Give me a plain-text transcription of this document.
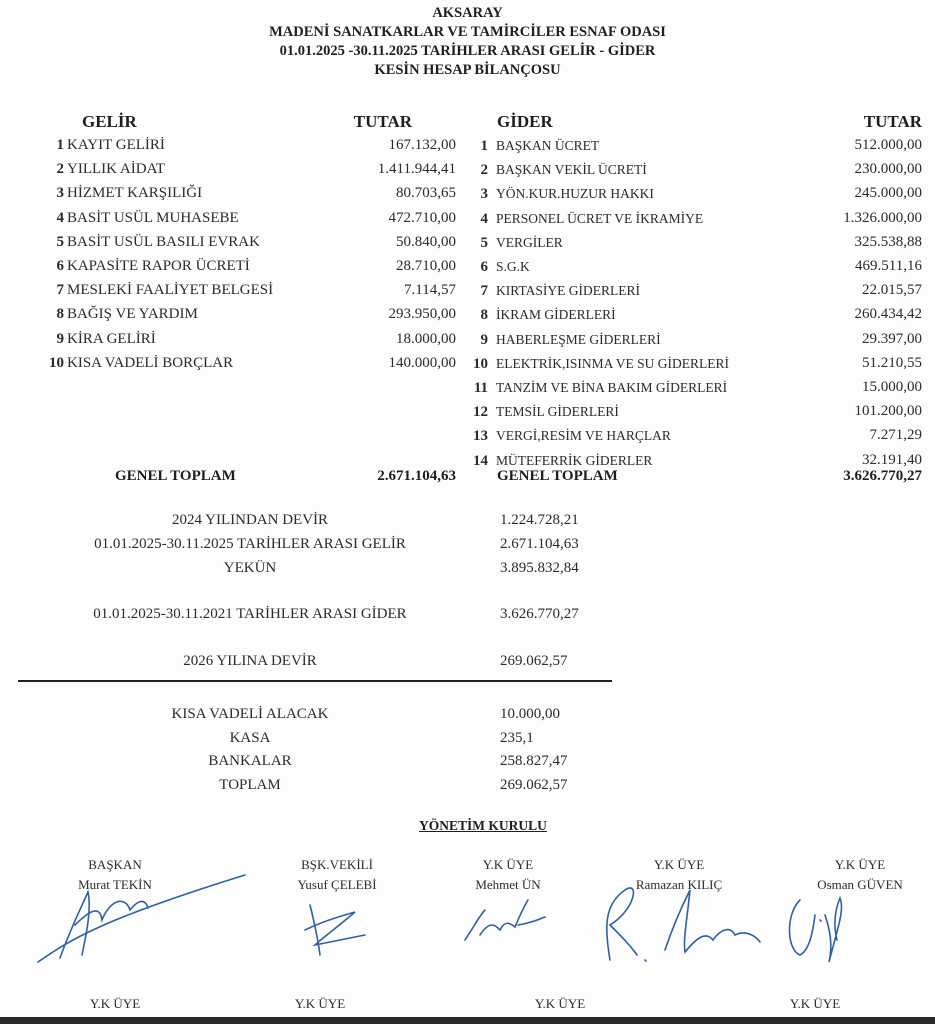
AKSARAY
MADENİ SANATKARLAR VE TAMİRCİLER ESNAF ODASI
01.01.2025 -30.11.2025 TARİHLER ARASI GELİR - GİDER
KESİN HESAP BİLANÇOSU
GELİR	TUTAR	GİDER	TUTAR
1 KAYIT GELİRİ	167.132,00
2 YILLIK AİDAT	1.411.944,41
3 HİZMET KARŞILIĞI	80.703,65
4 BASİT USÜL MUHASEBE	472.710,00
5 BASİT USÜL BASILI EVRAK	50.840,00
6 KAPASİTE RAPOR ÜCRETİ	28.710,00
7 MESLEKİ FAALİYET BELGESİ	7.114,57
8 BAĞIŞ VE YARDIM	293.950,00
9 KİRA GELİRİ	18.000,00
10 KISA VADELİ BORÇLAR	140.000,00
1 BAŞKAN ÜCRET	512.000,00
2 BAŞKAN VEKİL ÜCRETİ	230.000,00
3 YÖN.KUR.HUZUR HAKKI	245.000,00
4 PERSONEL ÜCRET VE İKRAMİYE	1.326.000,00
5 VERGİLER	325.538,88
6 S.G.K	469.511,16
7 KIRTASİYE GİDERLERİ	22.015,57
8 İKRAM GİDERLERİ	260.434,42
9 HABERLEŞME GİDERLERİ	29.397,00
10 ELEKTRİK,ISINMA VE SU GİDERLERİ	51.210,55
11 TANZİM VE BİNA BAKIM GİDERLERİ	15.000,00
12 TEMSİL GİDERLERİ	101.200,00
13 VERGİ,RESİM VE HARÇLAR	7.271,29
14 MÜTEFERRİK GİDERLER	32.191,40
GENEL TOPLAM	2.671.104,63	GENEL TOPLAM	3.626.770,27
2024 YILINDAN DEVİR	1.224.728,21
01.01.2025-30.11.2025 TARİHLER ARASI GELİR	2.671.104,63
YEKÜN	3.895.832,84
01.01.2025-30.11.2021 TARİHLER ARASI GİDER	3.626.770,27
2026 YILINA DEVİR	269.062,57
KISA VADELİ ALACAK	10.000,00
KASA	235,1
BANKALAR	258.827,47
TOPLAM	269.062,57
YÖNETİM KURULU
BAŞKAN
Murat TEKİN
BŞK.VEKİLİ
Yusuf ÇELEBİ
Y.K ÜYE
Mehmet ÜN
Y.K ÜYE
Ramazan KILIÇ
Y.K ÜYE
Osman GÜVEN
Y.K ÜYE	Y.K ÜYE	Y.K ÜYE	Y.K ÜYE
